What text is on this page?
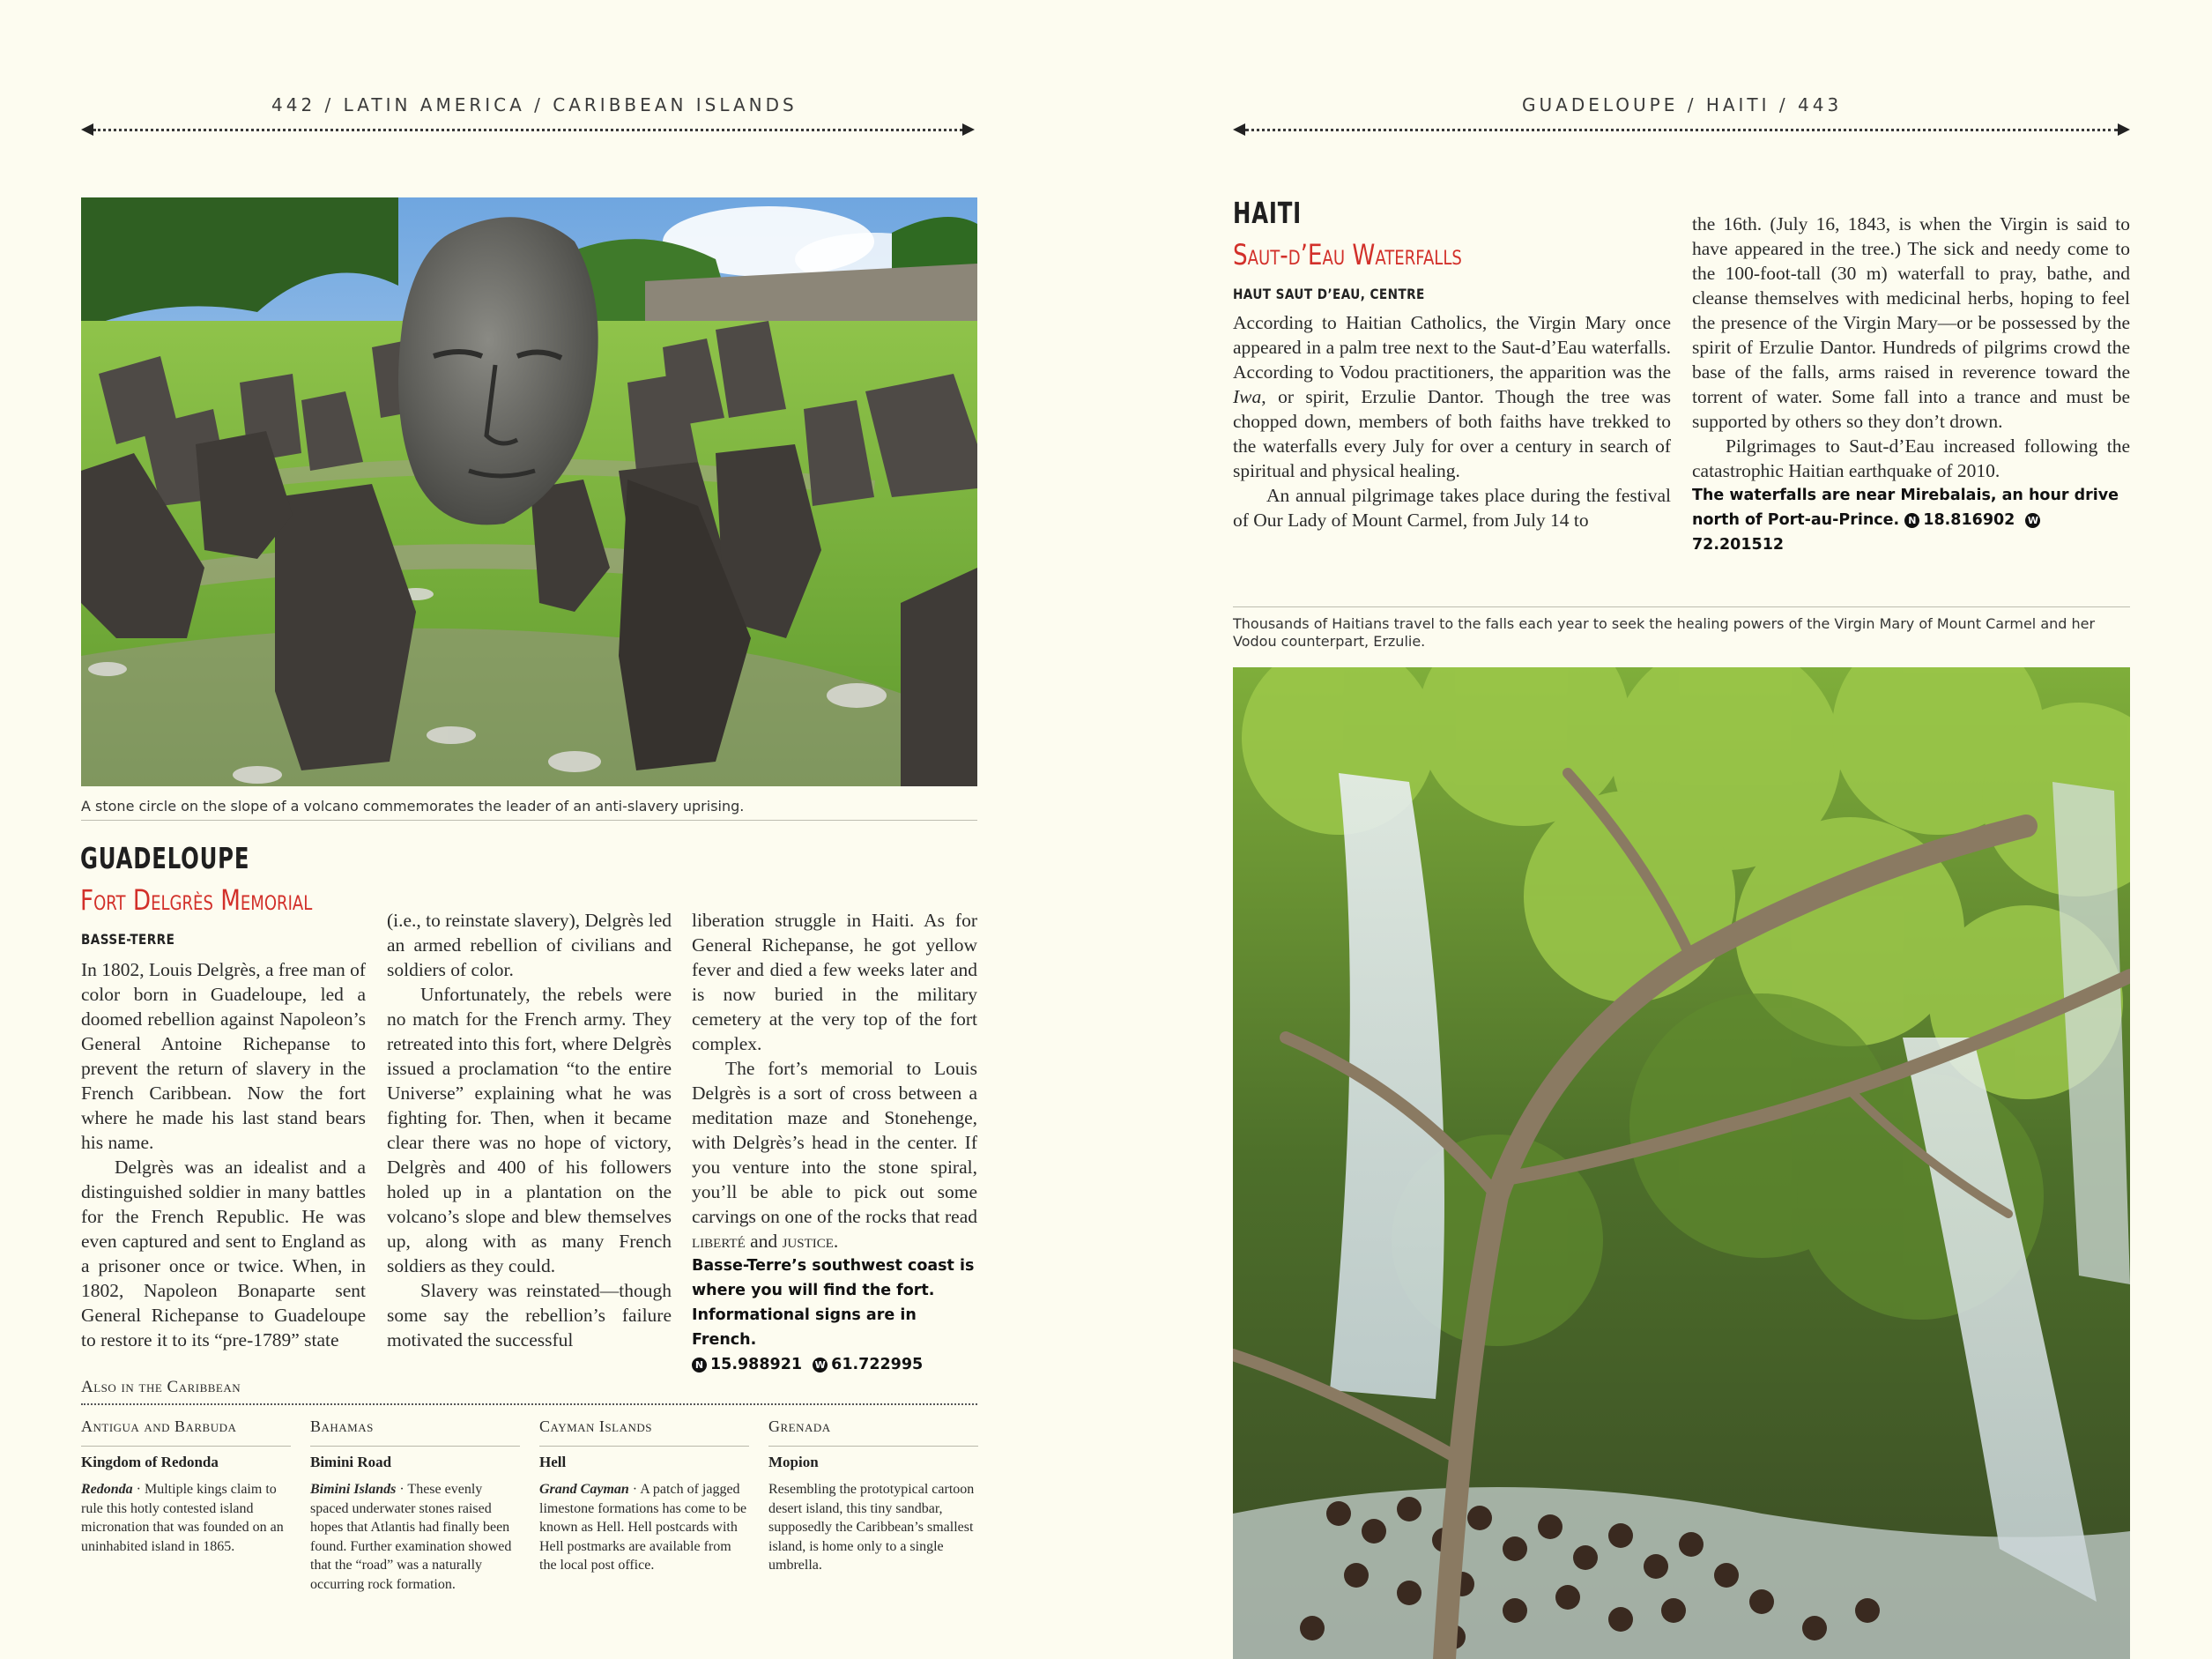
442 / LATIN AMERICA / CARIBBEAN ISLANDS
A stone circle on the slope of a volcano commemorates the leader of an anti-slavery uprising.
GUADELOUPE
Fort Delgrès Memorial
BASSE-TERRE

In 1802, Louis Delgrès, a free man of color born in Guadeloupe, led a doomed rebellion against Napoleon’s General Antoine Richepanse to prevent the return of slavery in the French Caribbean. Now the fort where he made his last stand bears his name.

Delgrès was an idealist and a distinguished soldier in many battles for the French Republic. He was even captured and sent to England as a prisoner once or twice. When, in 1802, Napoleon Bonaparte sent General Richepanse to Guadeloupe to restore it to its “pre-1789” state

(i.e., to reinstate slavery), Delgrès led an armed rebellion of civilians and soldiers of color.

Unfortunately, the rebels were no match for the French army. They retreated into this fort, where Delgrès issued a proclamation “to the entire Universe” explaining what he was fighting for. Then, when it became clear there was no hope of victory, Delgrès and 400 of his followers holed up in a plantation on the volcano’s slope and blew themselves up, along with as many French soldiers as they could.

Slavery was reinstated—though some say the rebellion’s failure motivated the successful

liberation struggle in Haiti. As for General Richepanse, he got yellow fever and died a few weeks later and is now buried in the military cemetery at the very top of the fort complex.

The fort’s memorial to Louis Delgrès is a sort of cross between a meditation maze and Stonehenge, with Delgrès’s head in the center. If you venture into the stone spiral, you’ll be able to pick out some carvings on one of the rocks that read liberté and justice.

Basse-Terre’s southwest coast is where you will find the fort. Informational signs are in French.
N 15.988921 W 61.722995
Also in the Caribbean
Antigua and Barbuda
Kingdom of Redonda
Redonda · Multiple kings claim to rule this hotly contested island micronation that was founded on an uninhabited island in 1865.
Bahamas
Bimini Road
Bimini Islands · These evenly spaced underwater stones raised hopes that Atlantis had finally been found. Further examination showed that the “road” was a naturally occurring rock formation.
Cayman Islands
Hell
Grand Cayman · A patch of jagged limestone formations has come to be known as Hell. Hell postcards with Hell postmarks are available from the local post office.
Grenada
Mopion
Resembling the prototypical cartoon desert island, this tiny sandbar, supposedly the Caribbean’s smallest island, is home only to a single umbrella.
GUADELOUPE / HAITI / 443
HAITI
Saut-d’Eau Waterfalls
HAUT SAUT D’EAU, CENTRE

According to Haitian Catholics, the Virgin Mary once appeared in a palm tree next to the Saut-d’Eau waterfalls. According to Vodou practitioners, the apparition was the Iwa, or spirit, Erzulie Dantor. Though the tree was chopped down, members of both faiths have trekked to the waterfalls every July for over a century in search of spiritual and physical healing.

An annual pilgrimage takes place during the festival of Our Lady of Mount Carmel, from July 14 to

the 16th. (July 16, 1843, is when the Virgin is said to have appeared in the tree.) The sick and needy come to the 100-foot-tall (30 m) waterfall to pray, bathe, and cleanse themselves with medicinal herbs, hoping to feel the presence of the Virgin Mary—or be possessed by the spirit of Erzulie Dantor. Hundreds of pilgrims crowd the base of the falls, arms raised in reverence toward the torrent of water. Some fall into a trance and must be supported by others so they don’t drown.

Pilgrimages to Saut-d’Eau increased following the catastrophic Haitian earthquake of 2010.

The waterfalls are near Mirebalais, an hour drive north of Port-au-Prince. N 18.816902 W72.201512
Thousands of Haitians travel to the falls each year to seek the healing powers of the Virgin Mary of Mount Carmel and her Vodou counterpart, Erzulie.
